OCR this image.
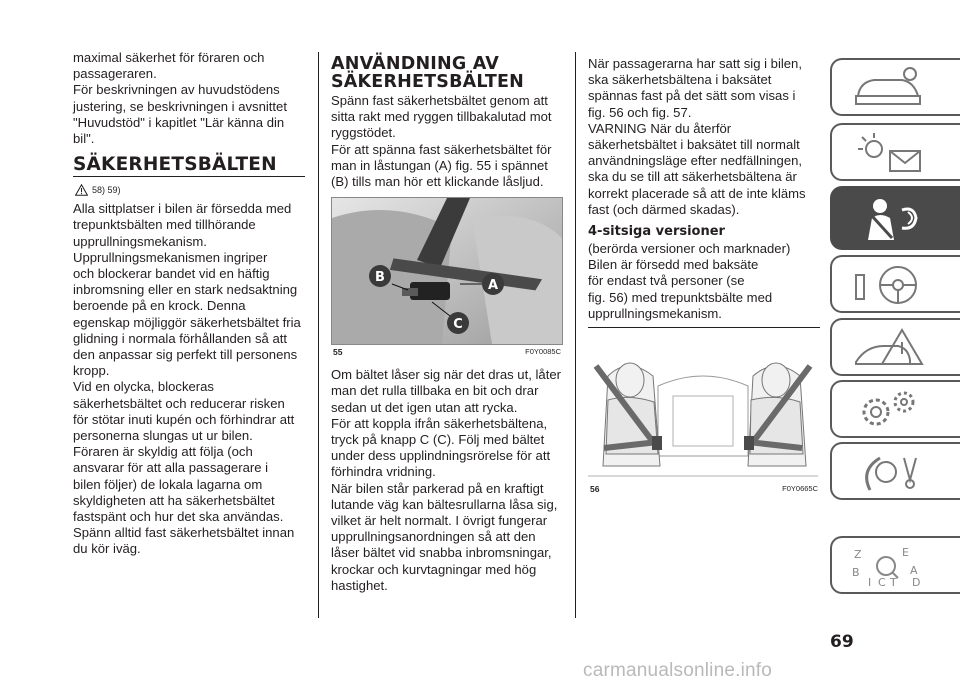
maximal säkerhet för föraren och
passageraren.
För beskrivningen av huvudstödens
justering, se beskrivningen i avsnittet
"Huvudstöd" i kapitlet "Lär känna din
bil".

SÄKERHETSBÄLTEN
58) 59)

Alla sittplatser i bilen är försedda med
trepunktsbälten med tillhörande
upprullningsmekanism.
Upprullningsmekanismen ingriper
och blockerar bandet vid en häftig
inbromsning eller en stark nedsaktning
beroende på en krock. Denna
egenskap möjliggör säkerhetsbältet fria
glidning i normala förhållanden så att
den anpassar sig perfekt till personens
kropp.
Vid en olycka, blockeras
säkerhetsbältet och reducerar risken
för stötar inuti kupén och förhindrar att
personerna slungas ut ur bilen.
Föraren är skyldig att följa (och
ansvarar för att alla passagerare i
bilen följer) de lokala lagarna om
skyldigheten att ha säkerhetsbältet
fastspänt och hur det ska användas.
Spänn alltid fast säkerhetsbältet innan
du kör iväg.

ANVÄNDNING AV
SÄKERHETSBÄLTEN

Spänn fast säkerhetsbältet genom att
sitta rakt med ryggen tillbakalutad mot
ryggstödet.
För att spänna fast säkerhetsbältet för
man in låstungan (A) fig. 55 i spännet
(B) tills man hör ett klickande låsljud.

B
A
C
55	F0Y0085C

Om bältet låser sig när det dras ut, låter
man det rulla tillbaka en bit och drar
sedan ut det igen utan att rycka.
För att koppla ifrån säkerhetsbältena,
tryck på knapp C (C). Följ med bältet
under dess upplindningsrörelse för att
förhindra vridning.
När bilen står parkerad på en kraftigt
lutande väg kan bältesrullarna låsa sig,
vilket är helt normalt. I övrigt fungerar
upprullningsanordningen så att den
låser bältet vid snabba inbromsningar,
krockar och kurvtagningar med hög
hastighet.

När passagerarna har satt sig i bilen,
ska säkerhetsbältena i baksätet
spännas fast på det sätt som visas i
fig. 56 och fig. 57.
VARNING När du återför
säkerhetsbältet i baksätet till normalt
användningsläge efter nedfällningen,
ska du se till att säkerhetsbältena är
korrekt placerade så att de inte kläms
fast (och därmed skadas).

4-sitsiga versioner

(berörda versioner och marknader)
Bilen är försedd med baksäte
för endast två personer (se
fig. 56) med trepunktsbälte med
upprullningsmekanism.

56	F0Y0665C
Z	E
B	A
I C T D
69
carmanualsonline.info
